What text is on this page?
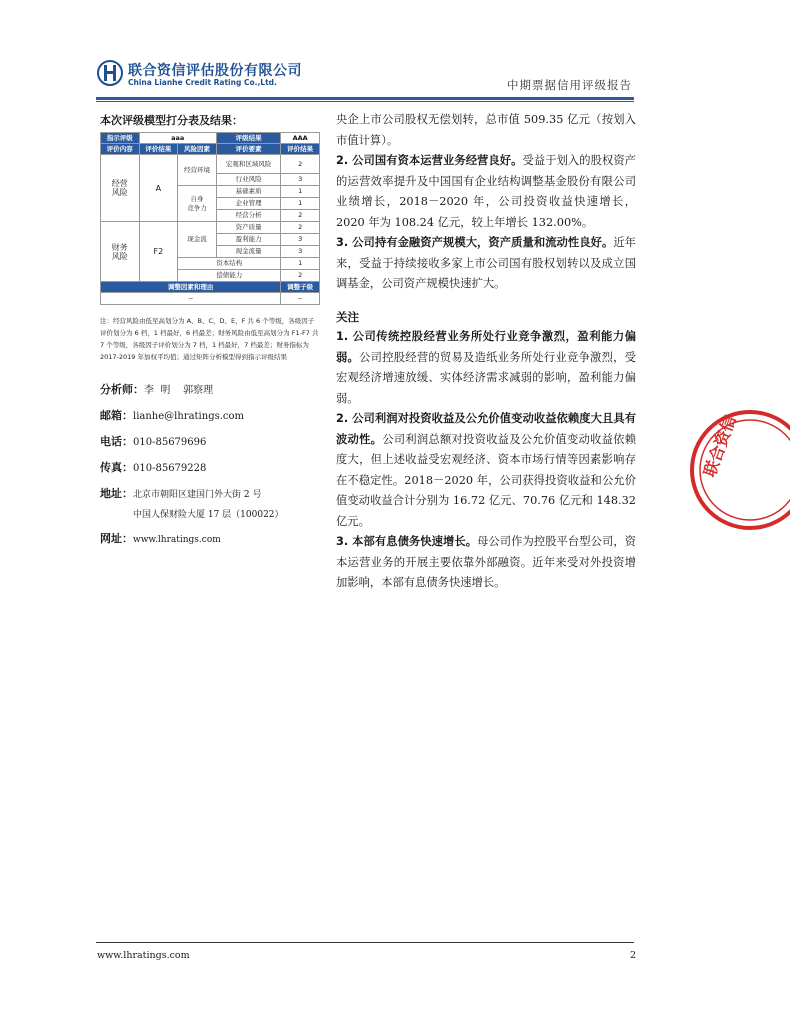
联合资信评估股份有限公司
China Lianhe Credit Rating Co.,Ltd.	中期票据信用评级报告
本次评级模型打分表及结果：
指示评级	aaa		评级结果	AAA
评价内容	评价结果	风险因素	评价要素	评价结果
经营
风险	A	经营环境	宏观和区域风险	2
			行业风险	3
		自身
竞争力	基础素质	1
			企业管理	1
			经营分析	2
财务
风险	F2	现金流	资产质量	2
			盈利能力	3
			现金流量	3
		资本结构		1
		偿债能力		2
调整因素和理由				调整子级
--				--
注：经营风险由低至高划分为 A、B、C、D、E、F 共 6 个等级，各级因子评价划分为 6 档，1 档最好，6 档最差；财务风险由低至高划分为 F1-F7 共 7 个等级，各级因子评价划分为 7 档，1 档最好，7 档最差；财务指标为 2017-2019 年加权平均值；通过矩阵分析模型得到指示评级结果
分析师：李  明    郭察理
邮箱：lianhe@lhratings.com
电话：010-85679696
传真：010-85679228
地址：北京市朝阳区建国门外大街 2 号
中国人保财险大厦 17 层（100022）
网址：www.lhratings.com

央企上市公司股权无偿划转，总市值 509.35 亿元（按划入市值计算）。

2. 公司国有资本运营业务经营良好。受益于划入的股权资产的运营效率提升及中国国有企业结构调整基金股份有限公司业绩增长，2018－2020 年，公司投资收益快速增长，2020 年为 108.24 亿元，较上年增长 132.00%。

3. 公司持有金融资产规模大，资产质量和流动性良好。近年来，受益于持续接收多家上市公司国有股权划转以及成立国调基金，公司资产规模快速扩大。

关注

1. 公司传统控股经营业务所处行业竞争激烈，盈利能力偏弱。公司控股经营的贸易及造纸业务所处行业竞争激烈，受宏观经济增速放缓、实体经济需求减弱的影响，盈利能力偏弱。

2. 公司利润对投资收益及公允价值变动收益依赖度大且具有波动性。公司利润总额对投资收益及公允价值变动收益依赖度大，但上述收益受宏观经济、资本市场行情等因素影响存在不稳定性。2018－2020 年，公司获得投资收益和公允价值变动收益合计分别为 16.72 亿元、70.76 亿元和 148.32 亿元。

3. 本部有息债务快速增长。母公司作为控股平台型公司，资本运营业务的开展主要依靠外部融资。近年来受对外投资增加影响，本部有息债务快速增长。

联合资信
www.lhratings.com	2
